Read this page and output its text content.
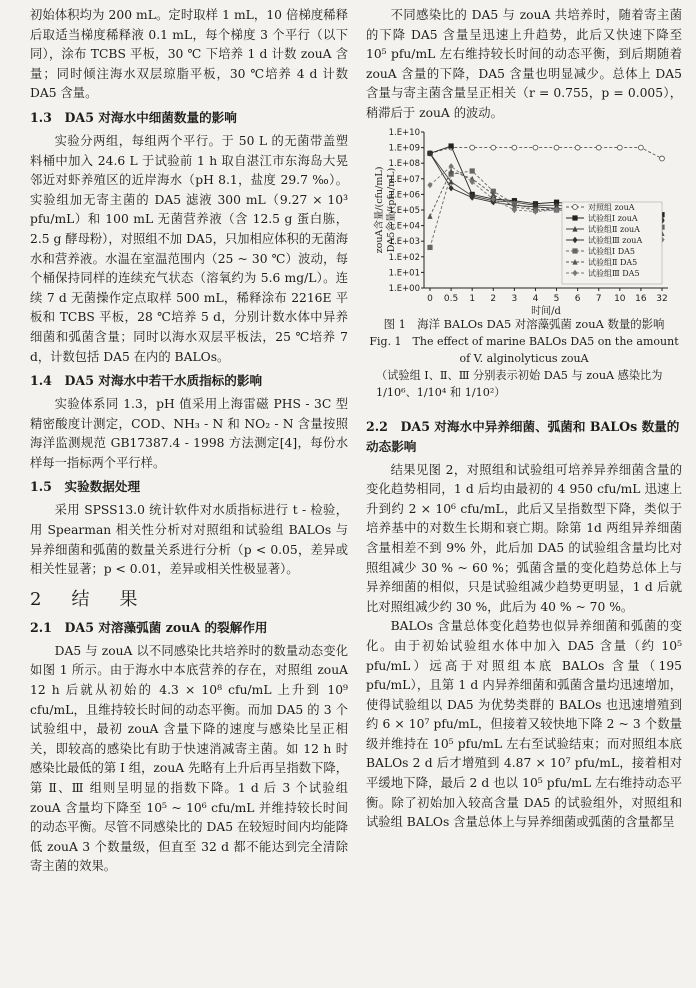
初始体积均为 200 mL。定时取样 1 mL，10 倍梯度稀释后取适当梯度稀释液 0.1 mL，每个梯度 3 个平行（以下同），涂布 TCBS 平板，30 ℃ 下培养 1 d 计数 zouA 含量；同时倾注海水双层琼脂平板，30 ℃培养 4 d 计数 DA5 含量。

1.3　DA5 对海水中细菌数量的影响

实验分两组，每组两个平行。于 50 L 的无菌带盖塑料桶中加入 24.6 L 于试验前 1 h 取自湛江市东海岛大晃邻近对虾养殖区的近岸海水（pH 8.1，盐度 29.7 ‰）。实验组加无寄主菌的 DA5 滤液 300 mL（9.27 × 10³ pfu/mL）和 100 mL 无菌营养液（含 12.5 g 蛋白胨，2.5 g 酵母粉），对照组不加 DA5，只加相应体积的无菌海水和营养液。水温在室温范围内（25 ~ 30 ℃）波动，每个桶保持同样的连续充气状态（溶氧约为 5.6 mg/L）。连续 7 d 无菌操作定点取样 500 mL，稀释涂布 2216E 平板和 TCBS 平板，28 ℃培养 5 d，分别计数水体中异养细菌和弧菌含量；同时以海水双层平板法，25 ℃培养 7 d，计数包括 DA5 在内的 BALOs。

1.4　DA5 对海水中若干水质指标的影响

实验体系同 1.3，pH 值采用上海雷磁 PHS - 3C 型精密酸度计测定，COD、NH₃ - N 和 NO₂ - N 含量按照海洋监测规范 GB17387.4 - 1998 方法测定[4]，每份水样每一指标两个平行样。

1.5　实验数据处理

采用 SPSS13.0 统计软件对水质指标进行 t - 检验，用 Spearman 相关性分析对对照组和试验组 BALOs 与异养细菌和弧菌的数量关系进行分析（p < 0.05，差异或相关性显著；p < 0.01，差异或相关性极显著）。

2　结　果
2.1　DA5 对溶藻弧菌 zouA 的裂解作用

DA5 与 zouA 以不同感染比共培养时的数量动态变化如图 1 所示。由于海水中本底营养的存在，对照组 zouA 12 h 后就从初始的 4.3 × 10⁸ cfu/mL 上升到 10⁹ cfu/mL，且维持较长时间的动态平衡。而加 DA5 的 3 个试验组中，最初 zouA 含量下降的速度与感染比呈正相关，即较高的感染比有助于快速消减寄主菌。如 12 h 时感染比最低的第 Ⅰ 组，zouA 先略有上升后再呈指数下降，第 Ⅱ、Ⅲ 组则呈明显的指数下降。1 d 后 3 个试验组 zouA 含量均下降至 10⁵ ~ 10⁶ cfu/mL 并维持较长时间的动态平衡。尽管不同感染比的 DA5 在较短时间内均能降低 zouA 3 个数量级，但直至 32 d 都不能达到完全清除寄主菌的效果。

不同感染比的 DA5 与 zouA 共培养时，随着寄主菌的下降 DA5 含量呈迅速上升趋势，此后又快速下降至 10⁵ pfu/mL 左右维持较长时间的动态平衡，到后期随着 zouA 含量的下降，DA5 含量也明显减少。总体上 DA5 含量与寄主菌含量呈正相关（r = 0.755，p = 0.005），稍滞后于 zouA 的波动。

1.E+00
1.E+01
1.E+02
1.E+03
1.E+04
1.E+05
1.E+06
1.E+07
1.E+08
1.E+09
1.E+10
0 0.5 1 2 3 4 5 6 7 10 16 32
时间/d
zouA含量/(cfu/mL)DA5含量/(pfu/mL)	对照组 zouA
试验组Ⅰ zouA
试验组Ⅱ zouA
试验组Ⅲ zouA
试验组Ⅰ DA5
试验组Ⅱ DA5
试验组Ⅲ DA5

图 1　海洋 BALOs DA5 对溶藻弧菌 zouA 数量的影响

Fig. 1　The effect of marine BALOs DA5 on the amount of V. alginolyticus zouA

（试验组 Ⅰ、Ⅱ、Ⅲ 分别表示初始 DA5 与 zouA 感染比为 1/10⁶、1/10⁴ 和 1/10²）

2.2　DA5 对海水中异养细菌、弧菌和 BALOs 数量的动态影响

结果见图 2，对照组和试验组可培养异养细菌含量的变化趋势相同，1 d 后均由最初的 4 950 cfu/mL 迅速上升到约 2 × 10⁶ cfu/mL，此后又呈指数型下降，类似于培养基中的对数生长期和衰亡期。除第 1d 两组异养细菌含量相差不到 9% 外，此后加 DA5 的试验组含量均比对照组减少 30 % ~ 60 %；弧菌含量的变化趋势总体上与异养细菌的相似，只是试验组减少趋势更明显，1 d 后就比对照组减少约 30 %，此后为 40 % ~ 70 %。

BALOs 含量总体变化趋势也似异养细菌和弧菌的变化。由于初始试验组水体中加入 DA5 含量（约 10⁵ pfu/mL）远高于对照组本底 BALOs 含量（195 pfu/mL），且第 1 d 内异养细菌和弧菌含量均迅速增加，使得试验组以 DA5 为优势类群的 BALOs 也迅速增殖到约 6 × 10⁷ pfu/mL，但接着又较快地下降 2 ~ 3 个数量级并维持在 10⁵ pfu/mL 左右至试验结束；而对照组本底 BALOs 2 d 后才增殖到 4.87 × 10⁷ pfu/mL，接着相对平缓地下降，最后 2 d 也以 10⁵ pfu/mL 左右维持动态平衡。除了初始加入较高含量 DA5 的试验组外，对照组和试验组 BALOs 含量总体上与异养细菌或弧菌的含量都呈
